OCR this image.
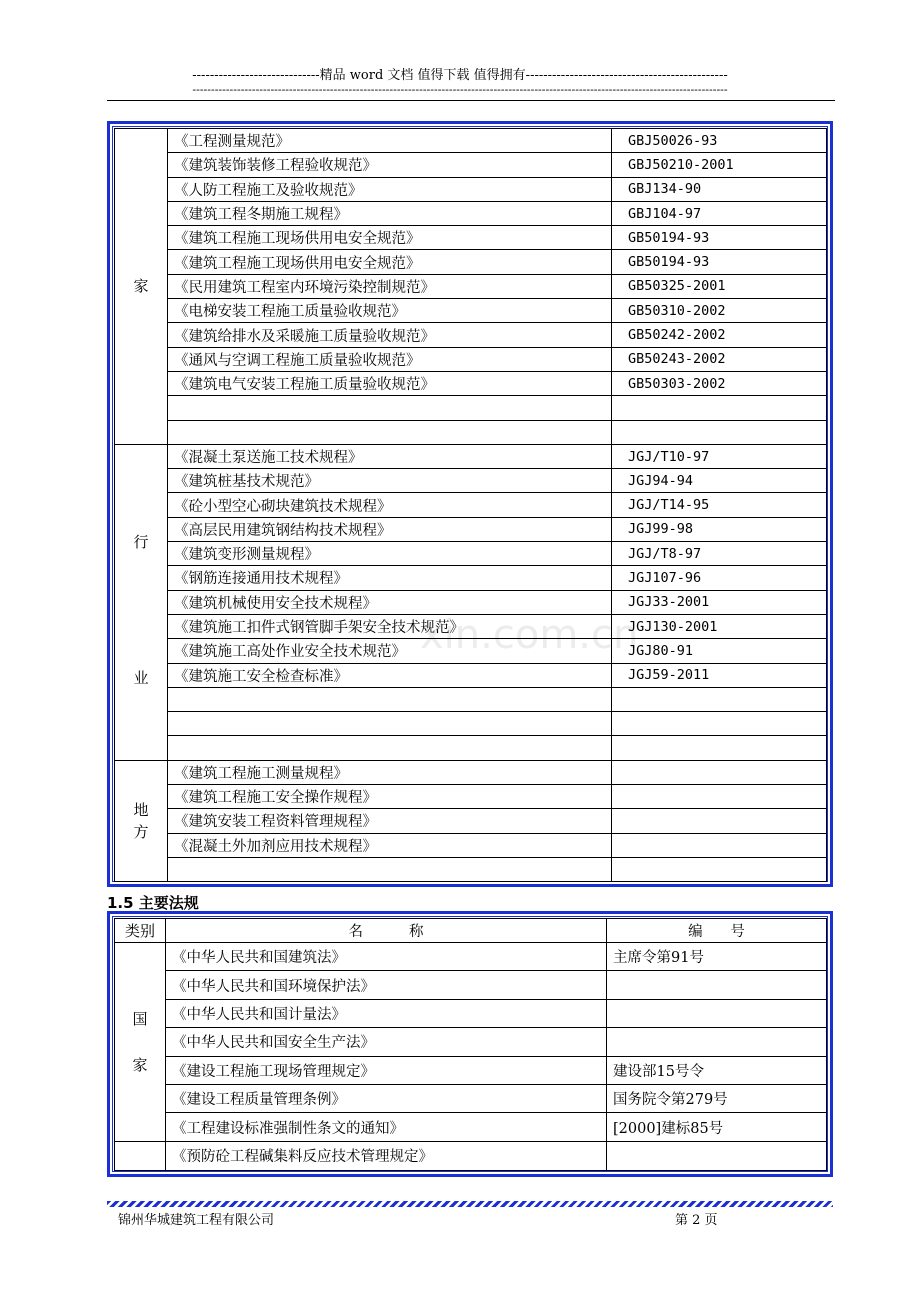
-----------------------------精品 word 文档 值得下载 值得拥有----------------------------------------------
------------------------------------------------------------------------------------------------------------------------------------------------
xin.com.cn
家	《工程测量规范》	GBJ50026-93
	《建筑装饰装修工程验收规范》	GBJ50210-2001
	《人防工程施工及验收规范》	GBJ134-90
	《建筑工程冬期施工规程》	GBJ104-97
	《建筑工程施工现场供用电安全规范》	GB50194-93
	《建筑工程施工现场供用电安全规范》	GB50194-93
	《民用建筑工程室内环境污染控制规范》	GB50325-2001
	《电梯安装工程施工质量验收规范》	GB50310-2002
	《建筑给排水及采暖施工质量验收规范》	GB50242-2002
	《通风与空调工程施工质量验收规范》	GB50243-2002
	《建筑电气安装工程施工质量验收规范》	GB50303-2002

行
业	《混凝土泵送施工技术规程》	JGJ/T10-97
	《建筑桩基技术规范》	JGJ94-94
	《砼小型空心砌块建筑技术规程》	JGJ/T14-95
	《高层民用建筑钢结构技术规程》	JGJ99-98
	《建筑变形测量规程》	JGJ/T8-97
	《钢筋连接通用技术规程》	JGJ107-96
	《建筑机械使用安全技术规程》	JGJ33-2001
	《建筑施工扣件式钢管脚手架安全技术规范》	JGJ130-2001
	《建筑施工高处作业安全技术规范》	JGJ80-91
	《建筑施工安全检查标准》	JGJ59-2011

地
方	《建筑工程施工测量规程》	
	《建筑工程施工安全操作规程》	
	《建筑安装工程资料管理规程》	
	《混凝土外加剂应用技术规程》	

1.5 主要法规
类别	名          称	编      号

国
家	《中华人民共和国建筑法》	主席令第91号
	《中华人民共和国环境保护法》	
	《中华人民共和国计量法》	
	《中华人民共和国安全生产法》	
	《建设工程施工现场管理规定》	建设部15号令
	《建设工程质量管理条例》	国务院令第279号
	《工程建设标准强制性条文的通知》	[2000]建标85号
	《预防砼工程碱集料反应技术管理规定》	
锦州华城建筑工程有限公司	第 2 页
